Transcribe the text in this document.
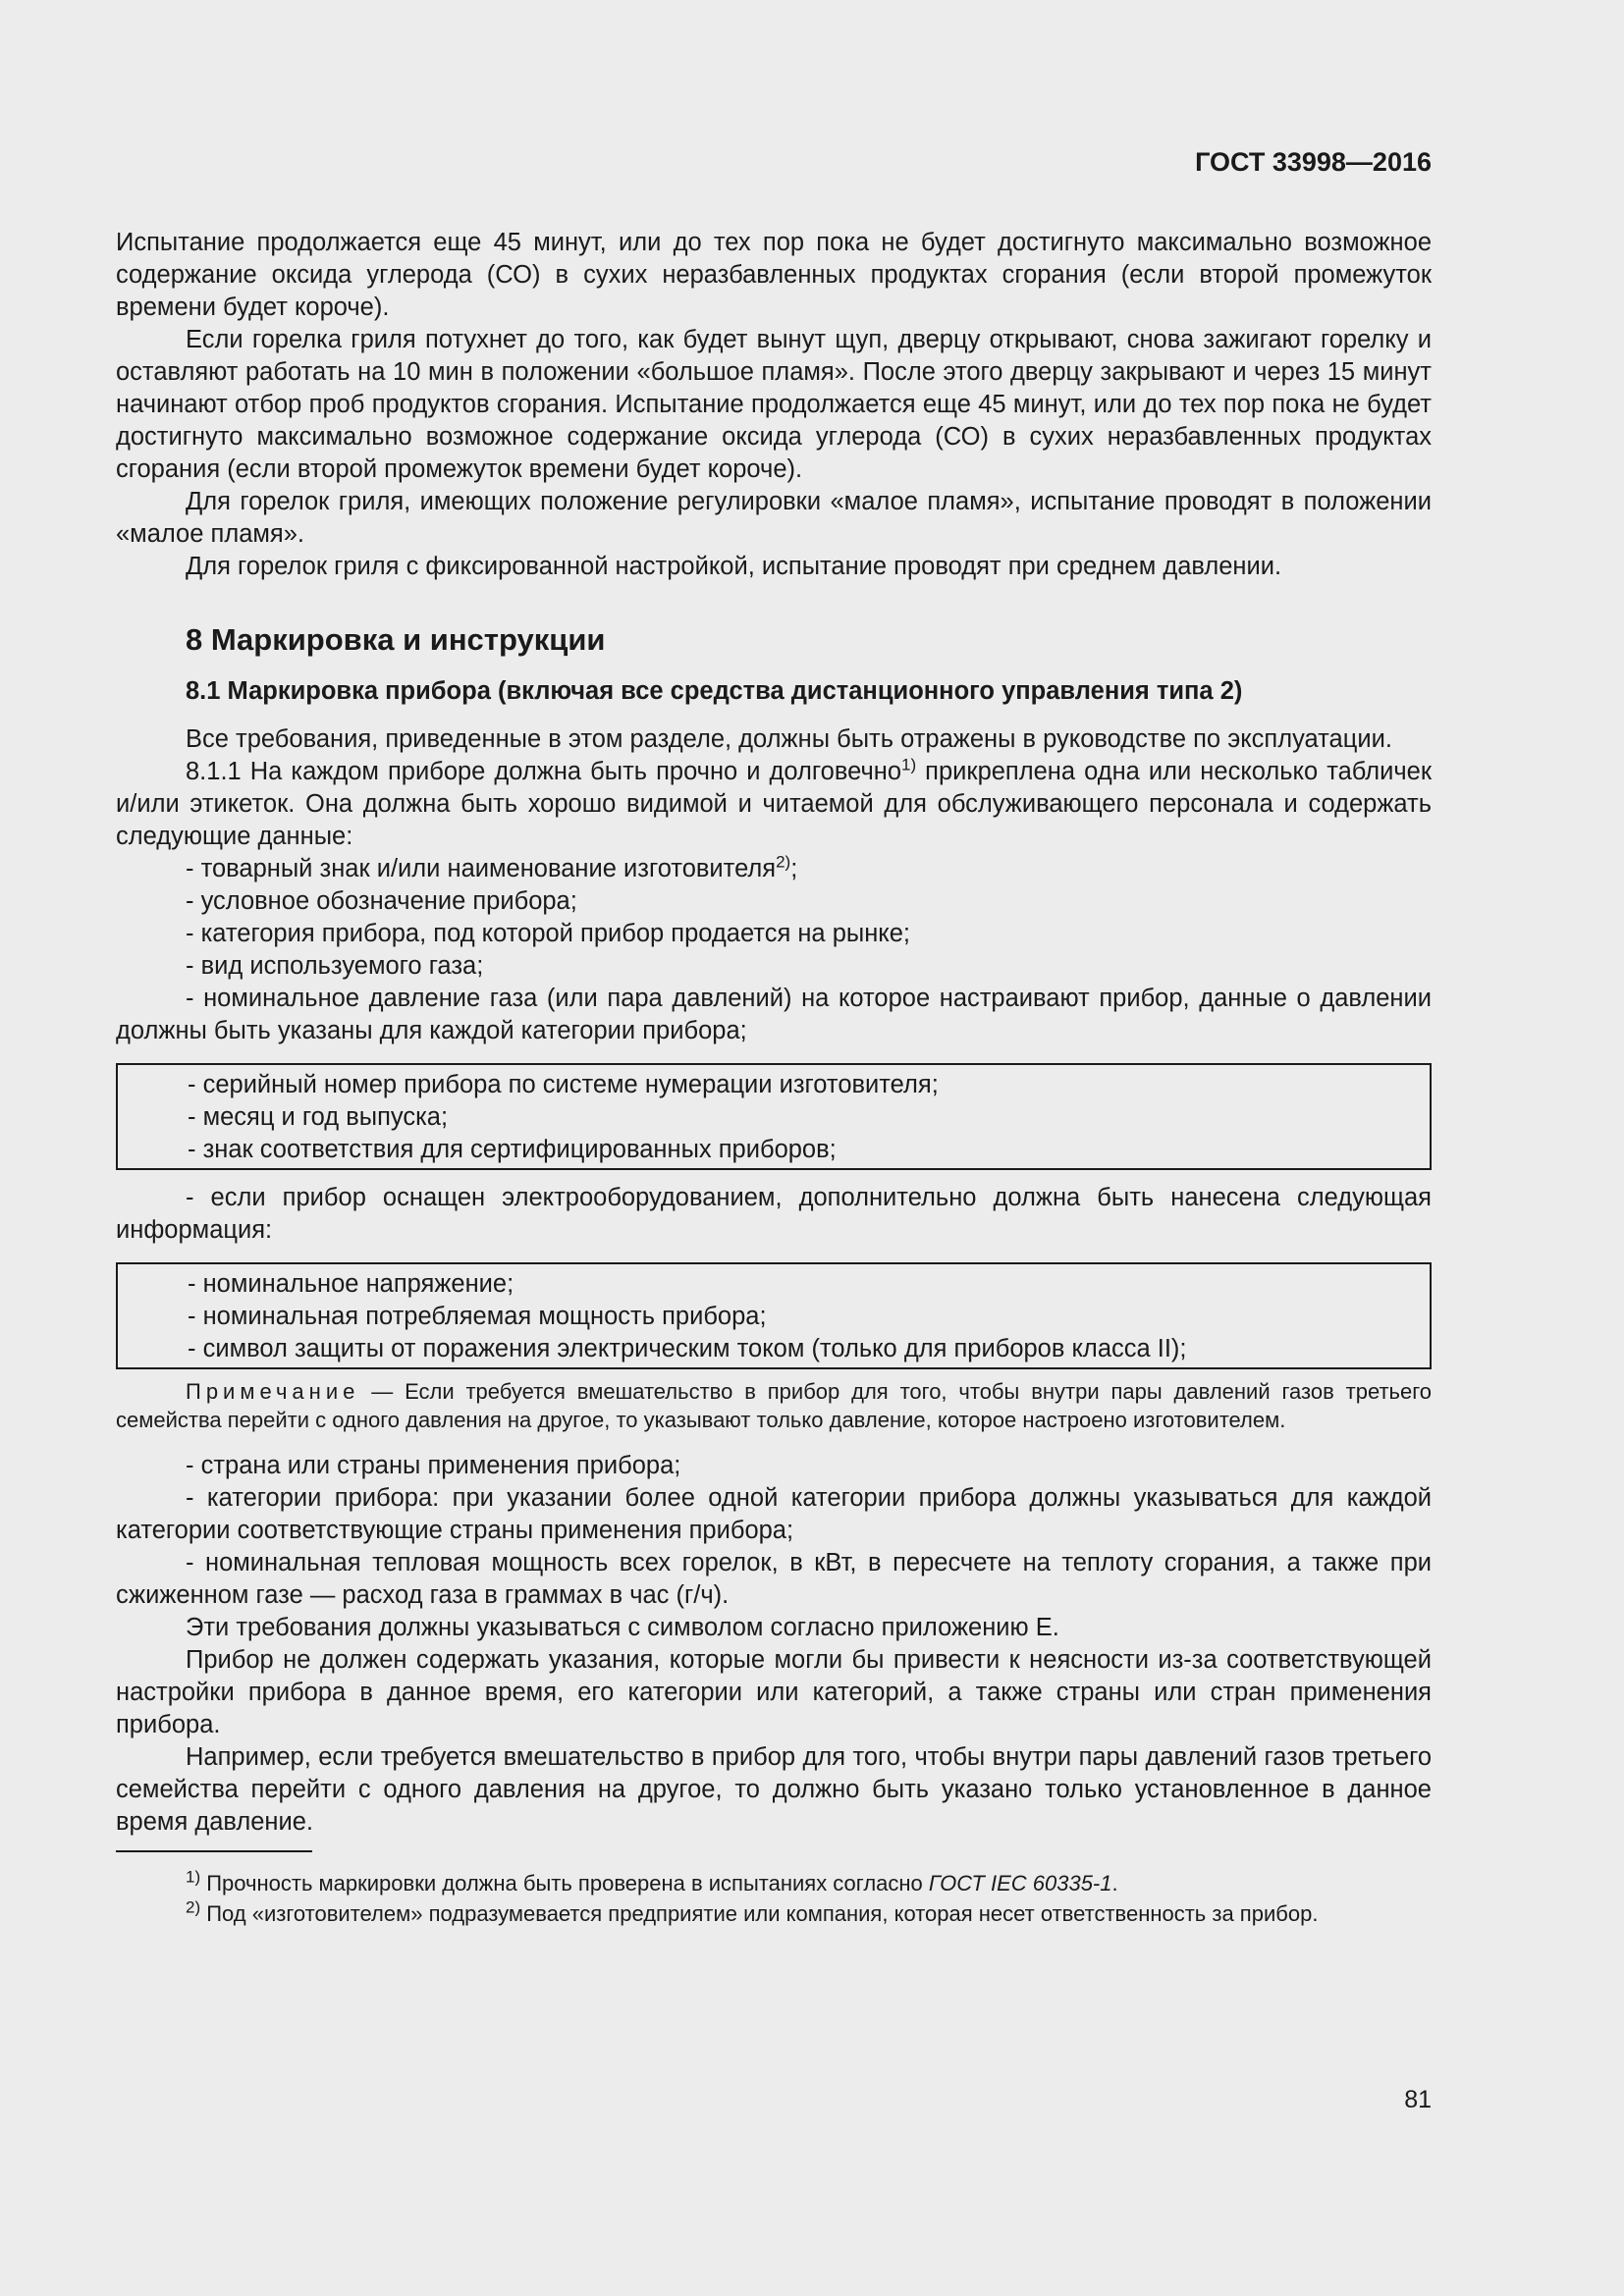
ГОСТ 33998—2016

Испытание продолжается еще 45 минут, или до тех пор пока не будет достигнуто максимально возможное содержание оксида углерода (СО) в сухих неразбавленных продуктах сгорания (если второй промежуток времени будет короче).

Если горелка гриля потухнет до того, как будет вынут щуп, дверцу открывают, снова зажигают горелку и оставляют работать на 10 мин в положении «большое пламя». После этого дверцу закрывают и через 15 минут начинают отбор проб продуктов сгорания. Испытание продолжается еще 45 минут, или до тех пор пока не будет достигнуто максимально возможное содержание оксида углерода (СО) в сухих неразбавленных продуктах сгорания (если второй промежуток времени будет короче).

Для горелок гриля, имеющих положение регулировки «малое пламя», испытание проводят в положении «малое пламя».

Для горелок гриля с фиксированной настройкой, испытание проводят при среднем давлении.

8 Маркировка и инструкции
8.1 Маркировка прибора (включая все средства дистанционного управления типа 2)

Все требования, приведенные в этом разделе, должны быть отражены в руководстве по эксплуатации.

8.1.1 На каждом приборе должна быть прочно и долговечно$^{1)}$ прикреплена одна или несколько табличек и/или этикеток. Она должна быть хорошо видимой и читаемой для обслуживающего персонала и содержать следующие данные:

- товарный знак и/или наименование изготовителя$^{2)}$;

- условное обозначение прибора;

- категория прибора, под которой прибор продается на рынке;

- вид используемого газа;

- номинальное давление газа (или пара давлений) на которое настраивают прибор, данные о давлении должны быть указаны для каждой категории прибора;

- серийный номер прибора по системе нумерации изготовителя;

- месяц и год выпуска;

- знак соответствия для сертифицированных приборов;

- если прибор оснащен электрооборудованием, дополнительно должна быть нанесена следующая информация:

- номинальное напряжение;

- номинальная потребляемая мощность прибора;

- символ защиты от поражения электрическим током (только для приборов класса II);

Примечание — Если требуется вмешательство в прибор для того, чтобы внутри пары давлений газов третьего семейства перейти с одного давления на другое, то указывают только давление, которое настроено изготовителем.

- страна или страны применения прибора;

- категории прибора: при указании более одной категории прибора должны указываться для каждой категории соответствующие страны применения прибора;

- номинальная тепловая мощность всех горелок, в кВт, в пересчете на теплоту сгорания, а также при сжиженном газе — расход газа в граммах в час (г/ч).

Эти требования должны указываться с символом согласно приложению Е.

Прибор не должен содержать указания, которые могли бы привести к неясности из-за соответствующей настройки прибора в данное время, его категории или категорий, а также страны или стран применения прибора.

Например, если требуется вмешательство в прибор для того, чтобы внутри пары давлений газов третьего семейства перейти с одного давления на другое, то должно быть указано только установленное в данное время давление.

$^{1)}$ Прочность маркировки должна быть проверена в испытаниях согласно ГОСТ IEC 60335-1.

$^{2)}$ Под «изготовителем» подразумевается предприятие или компания, которая несет ответственность за прибор.

81
